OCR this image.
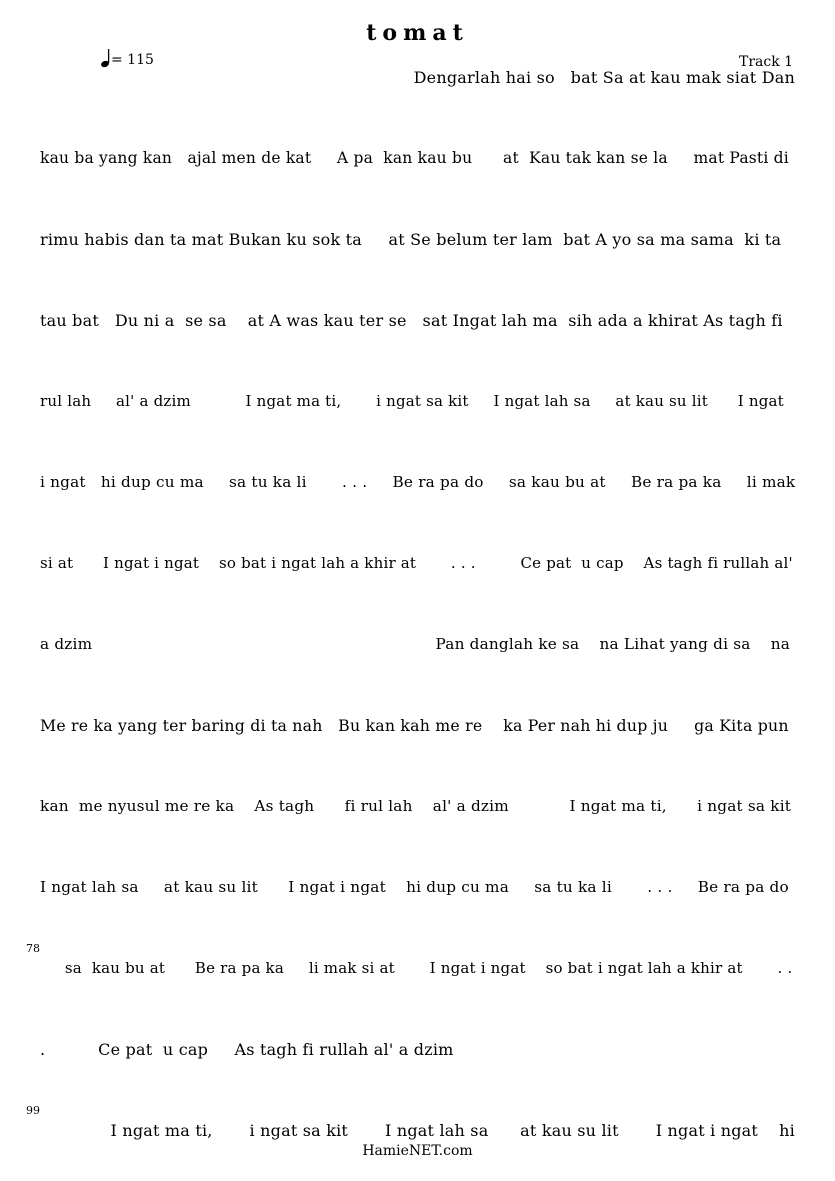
tomat
= 115	Track 1
Dengarlah hai so   bat Sa at kau mak siat Dan
kau ba yang kan   ajal men de kat     A pa  kan kau bu      at  Kau tak kan se la     mat Pasti di
rimu habis dan ta mat Bukan ku sok ta     at Se belum ter lam  bat A yo sa ma sama  ki ta
tau bat   Du ni a  se sa    at A was kau ter se   sat Ingat lah ma  sih ada a khirat As tagh fi
rul lah     al' a dzim           I ngat ma ti,       i ngat sa kit     I ngat lah sa     at kau su lit      I ngat
i ngat   hi dup cu ma     sa tu ka li       . . .     Be ra pa do     sa kau bu at     Be ra pa ka     li mak
si at      I ngat i ngat    so bat i ngat lah a khir at       . . .         Ce pat  u cap    As tagh fi rullah al'
a dzim                                                                    Pan danglah ke sa    na Lihat yang di sa    na
Me re ka yang ter baring di ta nah   Bu kan kah me re    ka Per nah hi dup ju     ga Kita pun
kan  me nyusul me re ka    As tagh      fi rul lah    al' a dzim            I ngat ma ti,      i ngat sa kit
I ngat lah sa     at kau su lit      I ngat i ngat    hi dup cu ma     sa tu ka li       . . .     Be ra pa do
78
sa  kau bu at      Be ra pa ka     li mak si at       I ngat i ngat    so bat i ngat lah a khir at       . .
.          Ce pat  u cap     As tagh fi rullah al' a dzim
99
I ngat ma ti,       i ngat sa kit       I ngat lah sa      at kau su lit       I ngat i ngat    hi
HamieNET.com
